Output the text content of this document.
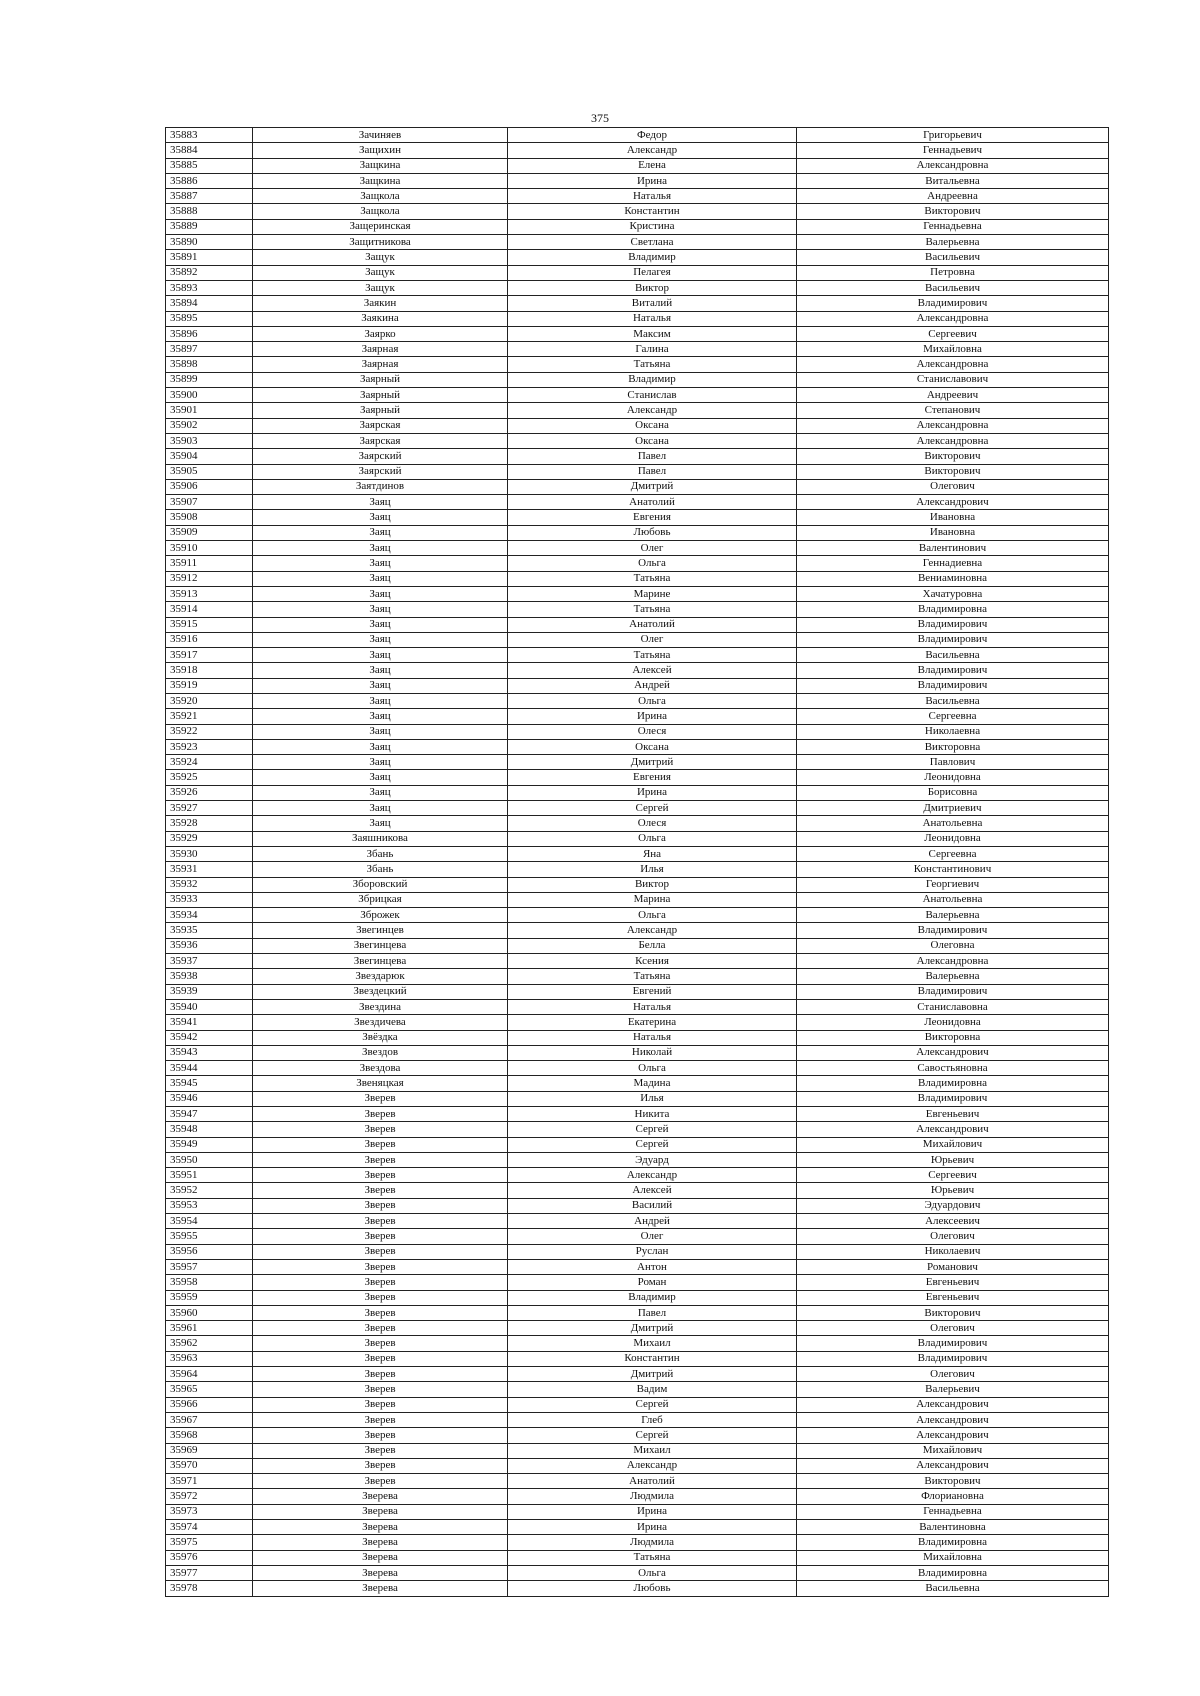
375
35883	Зачиняев	Федор	Григорьевич
35884	Защихин	Александр	Геннадьевич
35885	Защкина	Елена	Александровна
35886	Защкина	Ирина	Витальевна
35887	Защкола	Наталья	Андреевна
35888	Защкола	Константин	Викторович
35889	Защеринская	Кристина	Геннадьевна
35890	Защитникова	Светлана	Валерьевна
35891	Защук	Владимир	Васильевич
35892	Защук	Пелагея	Петровна
35893	Защук	Виктор	Васильевич
35894	Заякин	Виталий	Владимирович
35895	Заякина	Наталья	Александровна
35896	Заярко	Максим	Сергеевич
35897	Заярная	Галина	Михайловна
35898	Заярная	Татьяна	Александровна
35899	Заярный	Владимир	Станиславович
35900	Заярный	Станислав	Андреевич
35901	Заярный	Александр	Степанович
35902	Заярская	Оксана	Александровна
35903	Заярская	Оксана	Александровна
35904	Заярский	Павел	Викторович
35905	Заярский	Павел	Викторович
35906	Заятдинов	Дмитрий	Олегович
35907	Заяц	Анатолий	Александрович
35908	Заяц	Евгения	Ивановна
35909	Заяц	Любовь	Ивановна
35910	Заяц	Олег	Валентинович
35911	Заяц	Ольга	Геннадиевна
35912	Заяц	Татьяна	Вениаминовна
35913	Заяц	Марине	Хачатуровна
35914	Заяц	Татьяна	Владимировна
35915	Заяц	Анатолий	Владимирович
35916	Заяц	Олег	Владимирович
35917	Заяц	Татьяна	Васильевна
35918	Заяц	Алексей	Владимирович
35919	Заяц	Андрей	Владимирович
35920	Заяц	Ольга	Васильевна
35921	Заяц	Ирина	Сергеевна
35922	Заяц	Олеся	Николаевна
35923	Заяц	Оксана	Викторовна
35924	Заяц	Дмитрий	Павлович
35925	Заяц	Евгения	Леонидовна
35926	Заяц	Ирина	Борисовна
35927	Заяц	Сергей	Дмитриевич
35928	Заяц	Олеся	Анатольевна
35929	Заяшникова	Ольга	Леонидовна
35930	Збань	Яна	Сергеевна
35931	Збань	Илья	Константинович
35932	Зборовский	Виктор	Георгиевич
35933	Збрицкая	Марина	Анатольевна
35934	Зброжек	Ольга	Валерьевна
35935	Звегинцев	Александр	Владимирович
35936	Звегинцева	Белла	Олеговна
35937	Звегинцева	Ксения	Александровна
35938	Звездарюк	Татьяна	Валерьевна
35939	Звездецкий	Евгений	Владимирович
35940	Звездина	Наталья	Станиславовна
35941	Звездичева	Екатерина	Леонидовна
35942	Звёздка	Наталья	Викторовна
35943	Звездов	Николай	Александрович
35944	Звездова	Ольга	Савостьяновна
35945	Звеняцкая	Мадина	Владимировна
35946	Зверев	Илья	Владимирович
35947	Зверев	Никита	Евгеньевич
35948	Зверев	Сергей	Александрович
35949	Зверев	Сергей	Михайлович
35950	Зверев	Эдуард	Юрьевич
35951	Зверев	Александр	Сергеевич
35952	Зверев	Алексей	Юрьевич
35953	Зверев	Василий	Эдуардович
35954	Зверев	Андрей	Алексеевич
35955	Зверев	Олег	Олегович
35956	Зверев	Руслан	Николаевич
35957	Зверев	Антон	Романович
35958	Зверев	Роман	Евгеньевич
35959	Зверев	Владимир	Евгеньевич
35960	Зверев	Павел	Викторович
35961	Зверев	Дмитрий	Олегович
35962	Зверев	Михаил	Владимирович
35963	Зверев	Константин	Владимирович
35964	Зверев	Дмитрий	Олегович
35965	Зверев	Вадим	Валерьевич
35966	Зверев	Сергей	Александрович
35967	Зверев	Глеб	Александрович
35968	Зверев	Сергей	Александрович
35969	Зверев	Михаил	Михайлович
35970	Зверев	Александр	Александрович
35971	Зверев	Анатолий	Викторович
35972	Зверева	Людмила	Флориановна
35973	Зверева	Ирина	Геннадьевна
35974	Зверева	Ирина	Валентиновна
35975	Зверева	Людмила	Владимировна
35976	Зверева	Татьяна	Михайловна
35977	Зверева	Ольга	Владимировна
35978	Зверева	Любовь	Васильевна
